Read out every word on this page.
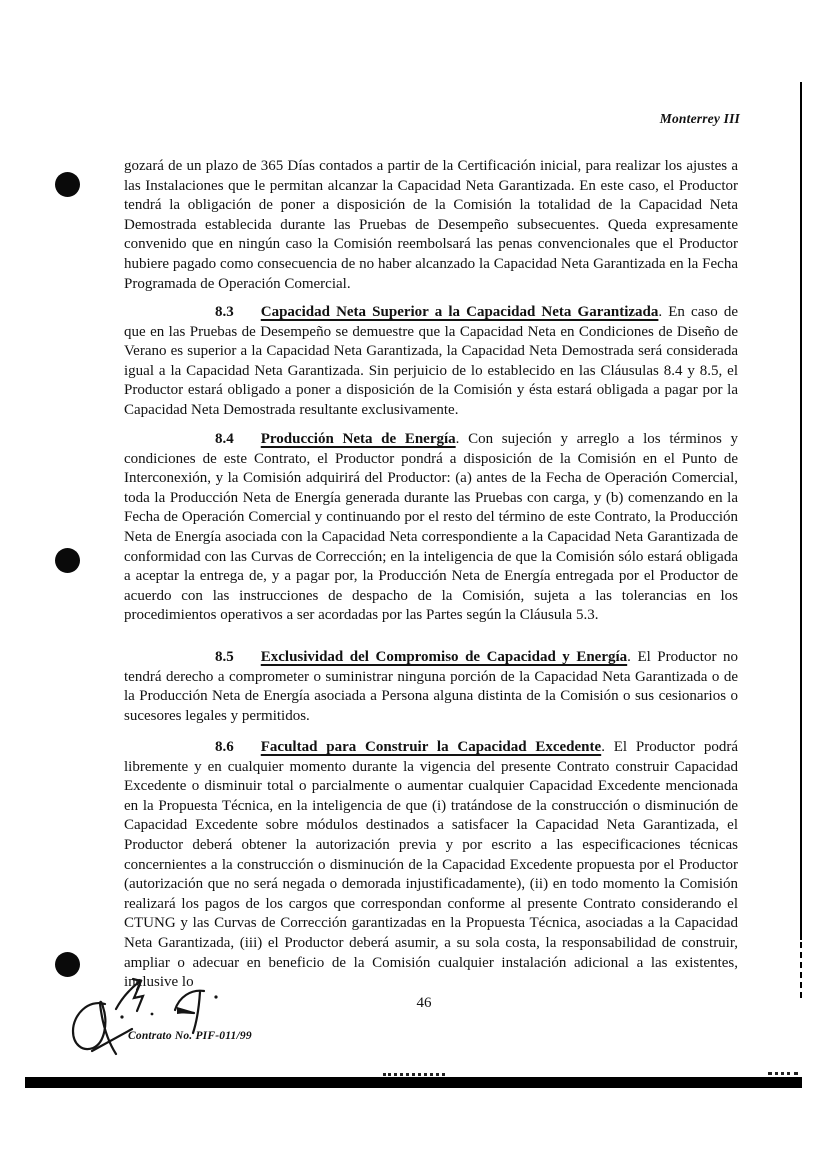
Monterrey III

gozará de un plazo de 365 Días contados a partir de la Certificación inicial, para realizar los ajustes a las Instalaciones que le permitan alcanzar la Capacidad Neta Garantizada. En este caso, el Productor tendrá la obligación de poner a disposición de la Comisión la totalidad de la Capacidad Neta Demostrada establecida durante las Pruebas de Desempeño subsecuentes. Queda expresamente convenido que en ningún caso la Comisión reembolsará las penas convencionales que el Productor hubiere pagado como consecuencia de no haber alcanzado la Capacidad Neta Garantizada en la Fecha Programada de Operación Comercial.

8.3 Capacidad Neta Superior a la Capacidad Neta Garantizada. En caso de que en las Pruebas de Desempeño se demuestre que la Capacidad Neta en Condiciones de Diseño de Verano es superior a la Capacidad Neta Garantizada, la Capacidad Neta Demostrada será considerada igual a la Capacidad Neta Garantizada. Sin perjuicio de lo establecido en las Cláusulas 8.4 y 8.5, el Productor estará obligado a poner a disposición de la Comisión y ésta estará obligada a pagar por la Capacidad Neta Demostrada resultante exclusivamente.

8.4 Producción Neta de Energía. Con sujeción y arreglo a los términos y condiciones de este Contrato, el Productor pondrá a disposición de la Comisión en el Punto de Interconexión, y la Comisión adquirirá del Productor: (a) antes de la Fecha de Operación Comercial, toda la Producción Neta de Energía generada durante las Pruebas con carga, y (b) comenzando en la Fecha de Operación Comercial y continuando por el resto del término de este Contrato, la Producción Neta de Energía asociada con la Capacidad Neta correspondiente a la Capacidad Neta Garantizada de conformidad con las Curvas de Corrección; en la inteligencia de que la Comisión sólo estará obligada a aceptar la entrega de, y a pagar por, la Producción Neta de Energía entregada por el Productor de acuerdo con las instrucciones de despacho de la Comisión, sujeta a las tolerancias en los procedimientos operativos a ser acordadas por las Partes según la Cláusula 5.3.

8.5 Exclusividad del Compromiso de Capacidad y Energía. El Productor no tendrá derecho a comprometer o suministrar ninguna porción de la Capacidad Neta Garantizada o de la Producción Neta de Energía asociada a Persona alguna distinta de la Comisión o sus cesionarios o sucesores legales y permitidos.

8.6 Facultad para Construir la Capacidad Excedente. El Productor podrá libremente y en cualquier momento durante la vigencia del presente Contrato construir Capacidad Excedente o disminuir total o parcialmente o aumentar cualquier Capacidad Excedente mencionada en la Propuesta Técnica, en la inteligencia de que (i) tratándose de la construcción o disminución de Capacidad Excedente sobre módulos destinados a satisfacer la Capacidad Neta Garantizada, el Productor deberá obtener la autorización previa y por escrito a las especificaciones técnicas concernientes a la construcción o disminución de la Capacidad Excedente propuesta por el Productor (autorización que no será negada o demorada injustificadamente), (ii) en todo momento la Comisión realizará los pagos de los cargos que correspondan conforme al presente Contrato considerando el CTUNG y las Curvas de Corrección garantizadas en la Propuesta Técnica, asociadas a la Capacidad Neta Garantizada, (iii) el Productor deberá asumir, a su sola costa, la responsabilidad de construir, ampliar o adecuar en beneficio de la Comisión cualquier instalación adicional a las existentes, inclusive lo

46
Contrato No. PIF-011/99
